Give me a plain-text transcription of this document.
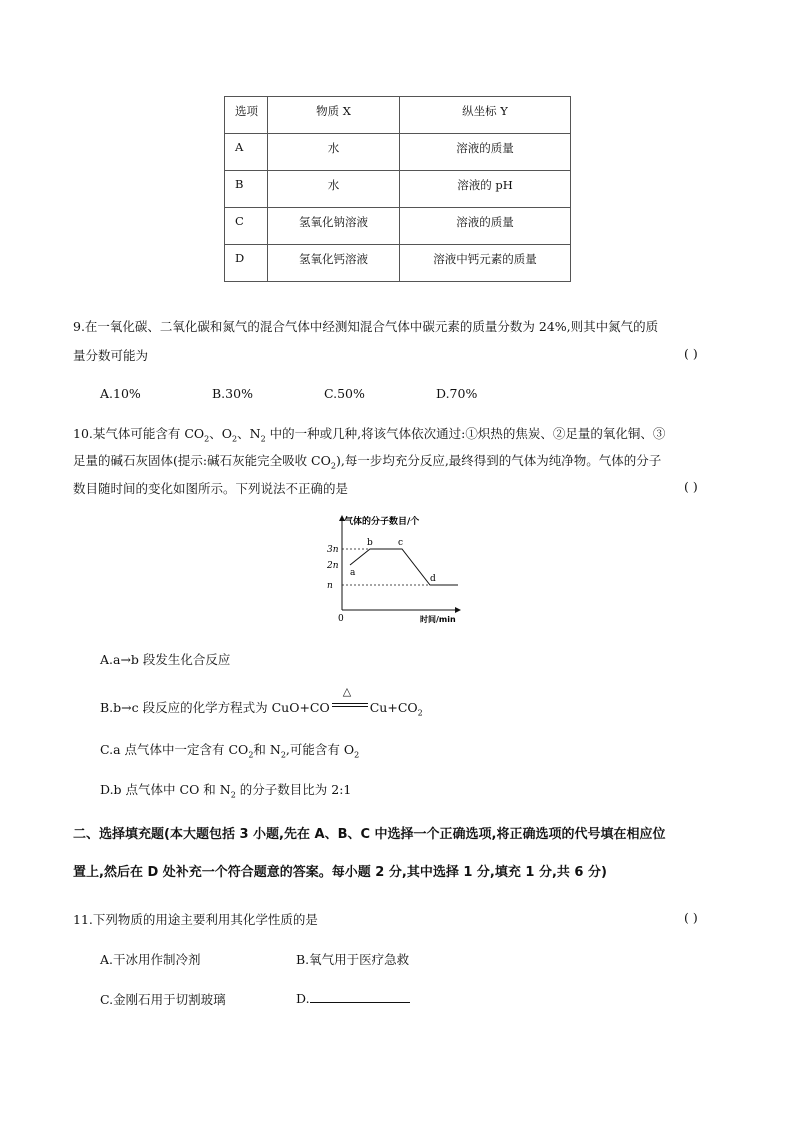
选项	物质 X	纵坐标 Y

A	水	溶液的质量

B	水	溶液的 pH

C	氢氧化钠溶液	溶液的质量

D	氢氧化钙溶液	溶液中钙元素的质量
9.在一氧化碳、二氧化碳和氮气的混合气体中经测知混合气体中碳元素的质量分数为 24%,则其中氮气的质
量分数可能为	( )
A.10%	B.30%	C.50%	D.70%
10.某气体可能含有 $CO_2$、$O_2$、$N_2$ 中的一种或几种,将该气体依次通过:①炽热的焦炭、②足量的氧化铜、③
足量的碱石灰固体(提示:碱石灰能完全吸收 $CO_2$),每一步均充分反应,最终得到的气体为纯净物。气体的分子
数目随时间的变化如图所示。下列说法不正确的是	( )
气体的分子数目/个
时间/min
0
3n
2n
n
a
b	c
d
A.a→b 段发生化合反应
B.b→c 段反应的化学方程式为 CuO+CO
△
$Cu+CO_2$
C.a 点气体中一定含有 $CO_2$和 $N_2$,可能含有 $O_2$
D.b 点气体中 CO 和 $N_2$ 的分子数目比为 2:1
二、选择填充题(本大题包括 3 小题,先在 A、B、C 中选择一个正确选项,将正确选项的代号填在相应位
置上,然后在 D 处补充一个符合题意的答案。每小题 2 分,其中选择 1 分,填充 1 分,共 6 分)
11.下列物质的用途主要利用其化学性质的是	( )
A.干冰用作制冷剂	B.氧气用于医疗急救
C.金刚石用于切割玻璃	D.
